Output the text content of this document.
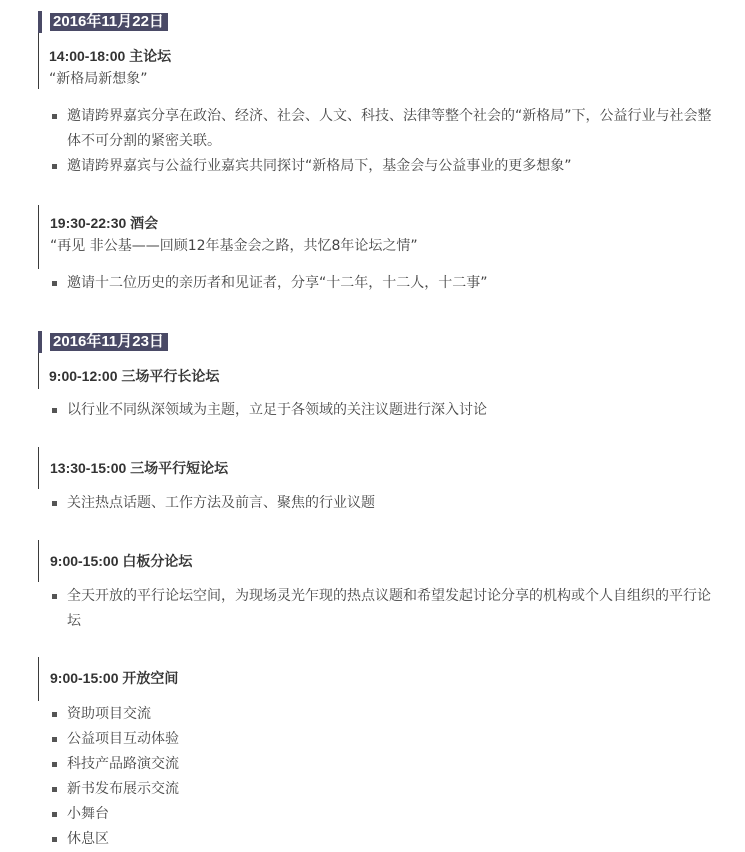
2016年11月22日
14:00-18:00 主论坛
“新格局新想象”
邀请跨界嘉宾分享在政治、经济、社会、人文、科技、法律等整个社会的“新格局”下，公益行业与社会整体不可分割的紧密关联。
邀请跨界嘉宾与公益行业嘉宾共同探讨“新格局下，基金会与公益事业的更多想象”
19:30-22:30 酒会
“再见 非公基——回顾12年基金会之路，共忆8年论坛之情”
邀请十二位历史的亲历者和见证者，分享“十二年，十二人，十二事”
2016年11月23日
9:00-12:00 三场平行长论坛
以行业不同纵深领域为主题，立足于各领域的关注议题进行深入讨论
13:30-15:00 三场平行短论坛
关注热点话题、工作方法及前言、聚焦的行业议题
9:00-15:00 白板分论坛
全天开放的平行论坛空间，为现场灵光乍现的热点议题和希望发起讨论分享的机构或个人自组织的平行论坛
9:00-15:00 开放空间
资助项目交流
公益项目互动体验
科技产品路演交流
新书发布展示交流
小舞台
休息区
